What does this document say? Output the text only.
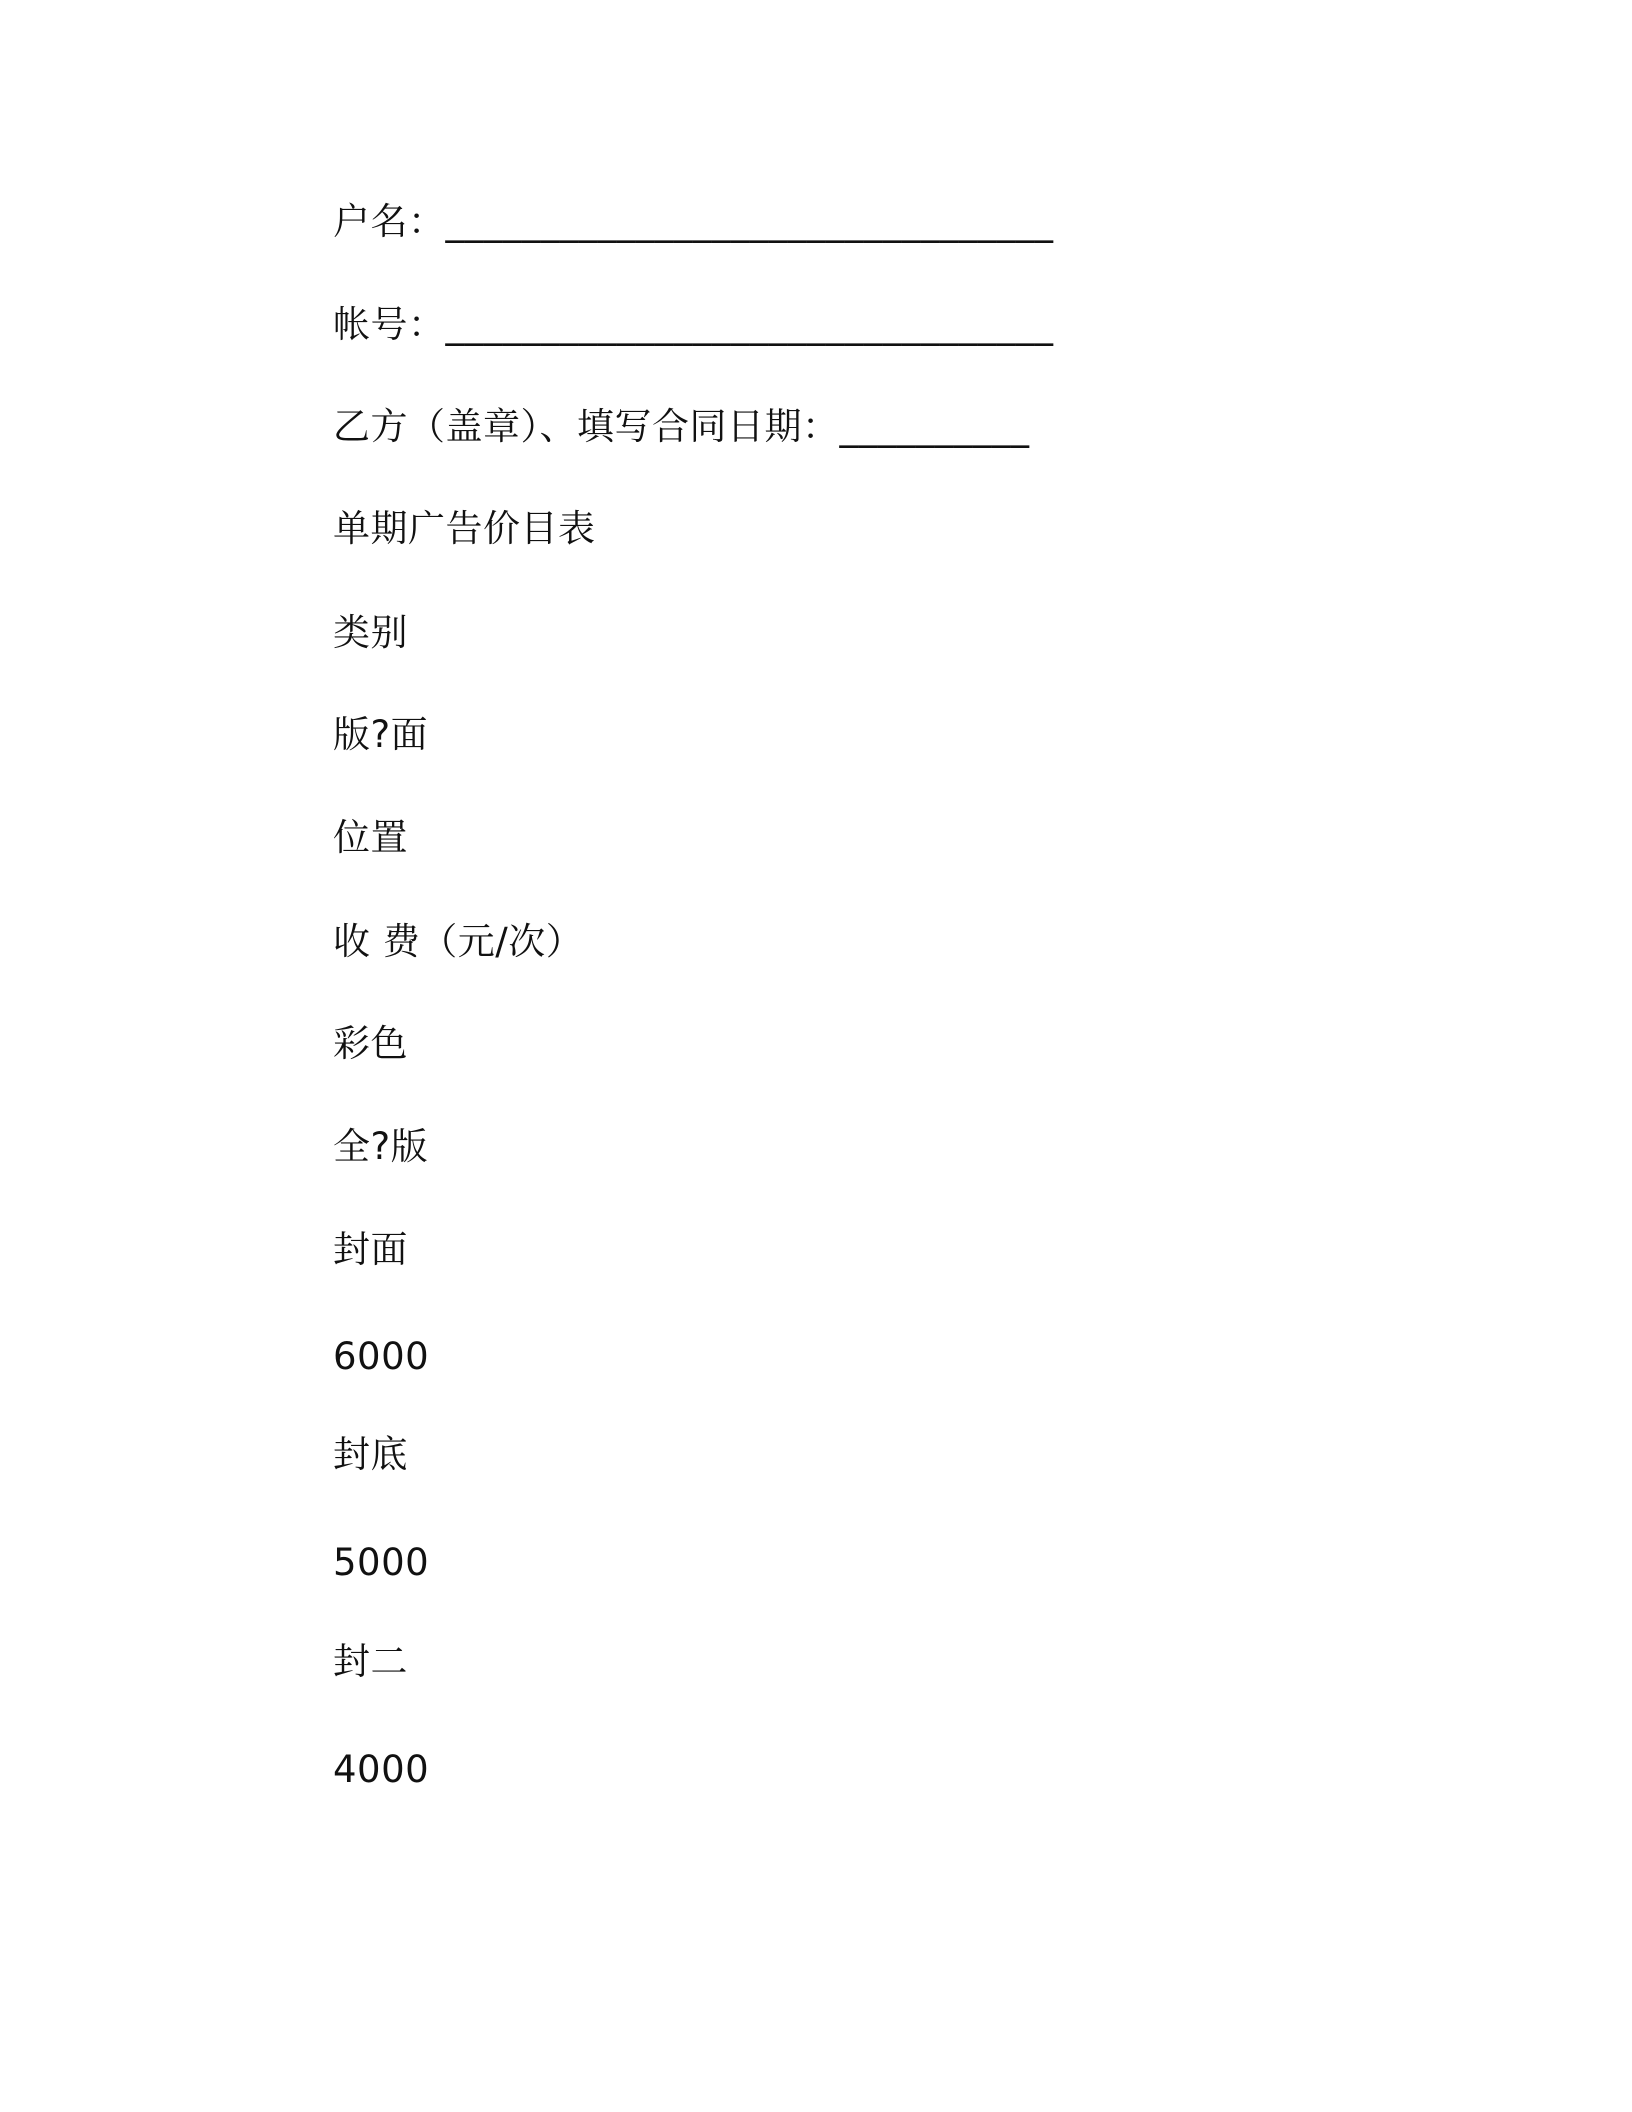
户名：________________________________
帐号：________________________________
乙方（盖章）、填写合同日期：__________
单期广告价目表
类别
版?面
位置
收 费（元/次）
彩色
全?版
封面
6000
封底
5000
封二
4000
